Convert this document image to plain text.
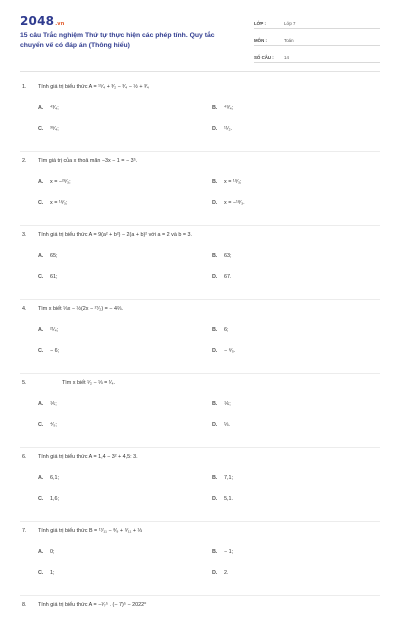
2048.vn
15 câu Trắc nghiệm Thứ tự thực hiện các phép tính. Quy tắc chuyển vế có đáp án (Thông hiểu)
LỚP :	Lớp 7
MÔN :	Toán
SỐ CÂU :	14
1. Tính giá trị biểu thức A = ¹⁵⁄₄ + ³⁄₂ − ³⁄₄ − ½ + ³⁄₄
A. ⁴³⁄₄;	B. ⁴⁹⁄₄;
C. ³⁹⁄₄;	D. ¹¹⁄₂.
2. Tìm giá trị của x thoả mãn −3x − 1 = − 3⁵.
A. x = −²⁶⁄₃;	B. x = ¹⁹⁄₃;
C. x = ¹⁶⁄₃;	D. x = −¹⁸⁄₃.
3. Tính giá trị biểu thức A = 9(a² + b²) − 2(a + b)² với a = 2 và b = 3.
A. 65;	B. 63;
C. 61;	D. 67.
4. Tìm x biết ⅓x − ½(2x − ²⁷⁄₂) = − 4⅔.
A. ²¹⁄₄;	B. 6;
C. − 6;	D. − ⁶⁄₅.
5.	Tìm x biết ¹⁄₂ − ⅓ = ¹⁄₄.
A. ⅕;	B. ⅙;
C. ⁴⁄₅;	D. ⅓.
6. Tính giá trị biểu thức A = 1,4 − 3² + 4,5: 3.
A. 6,1;	B. 7,1;
C. 1,6;	D. 5,1.
7. Tính giá trị biểu thức B = ¹⁷⁄₁₁ − ⁸⁄₉ + ⁵⁄₁₁ + ⅓
A. 0;	B. − 1;
C. 1;	D. 2.
8. Tính giá trị biểu thức A = −¹⁄₇⁵ . (− 7)⁵ − 2022⁰
